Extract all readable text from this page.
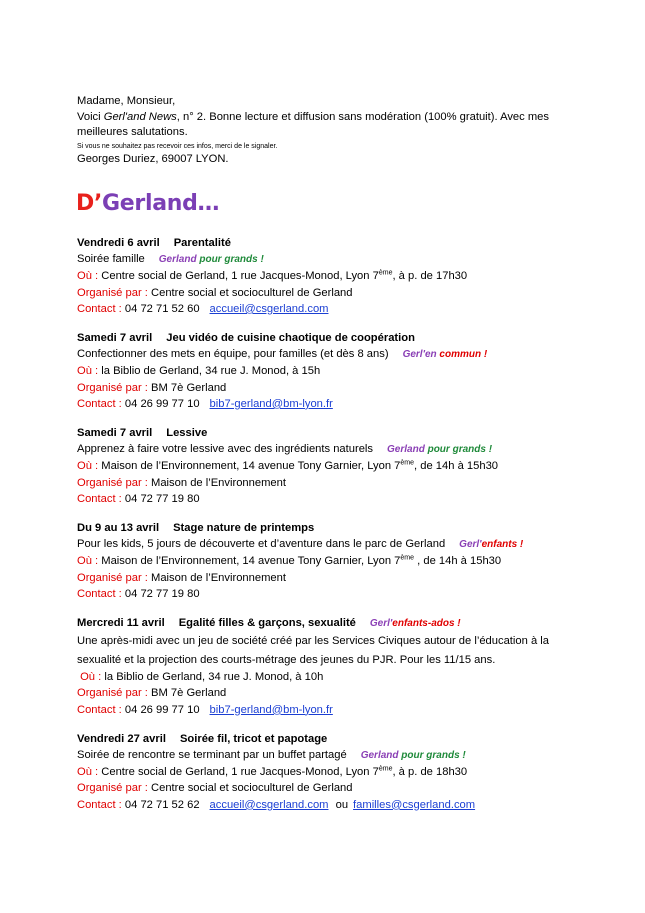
Madame, Monsieur,
Voici Gerl'and News, n° 2. Bonne lecture et diffusion sans modération (100% gratuit). Avec mes meilleures salutations.
Si vous ne souhaitez pas recevoir ces infos, merci de le signaler.
Georges Duriez, 69007 LYON.
D’Gerland…
Vendredi 6 avril Parentalité
Soirée famille Gerland pour grands !
Où : Centre social de Gerland, 1 rue Jacques-Monod, Lyon 7ème, à p. de 17h30
Organisé par : Centre social et socioculturel de Gerland
Contact : 04 72 71 52 60 accueil@csgerland.com
Samedi 7 avril Jeu vidéo de cuisine chaotique de coopération
Confectionner des mets en équipe, pour familles (et dès 8 ans) Gerl'en commun !
Où : la Biblio de Gerland, 34 rue J. Monod, à 15h
Organisé par : BM 7è Gerland
Contact : 04 26 99 77 10 bib7-gerland@bm-lyon.fr
Samedi 7 avril Lessive
Apprenez à faire votre lessive avec des ingrédients naturels Gerland pour grands !
Où : Maison de l’Environnement, 14 avenue Tony Garnier, Lyon 7ème, de 14h à 15h30
Organisé par : Maison de l’Environnement
Contact : 04 72 77 19 80
Du 9 au 13 avril Stage nature de printemps
Pour les kids, 5 jours de découverte et d’aventure dans le parc de Gerland Gerl'enfants !
Où : Maison de l’Environnement, 14 avenue Tony Garnier, Lyon 7ème , de 14h à 15h30
Organisé par : Maison de l’Environnement
Contact : 04 72 77 19 80
Mercredi 11 avril Egalité filles & garçons, sexualité Gerl'enfants-ados !
Une après-midi avec un jeu de société créé par les Services Civiques autour de l’éducation à la sexualité et la projection des courts-métrage des jeunes du PJR. Pour les 11/15 ans.
Où : la Biblio de Gerland, 34 rue J. Monod, à 10h
Organisé par : BM 7è Gerland
Contact : 04 26 99 77 10 bib7-gerland@bm-lyon.fr
Vendredi 27 avril Soirée fil, tricot et papotage
Soirée de rencontre se terminant par un buffet partagé Gerland pour grands !
Où : Centre social de Gerland, 1 rue Jacques-Monod, Lyon 7ème, à p. de 18h30
Organisé par : Centre social et socioculturel de Gerland
Contact : 04 72 71 52 62 accueil@csgerland.com ou familles@csgerland.com
